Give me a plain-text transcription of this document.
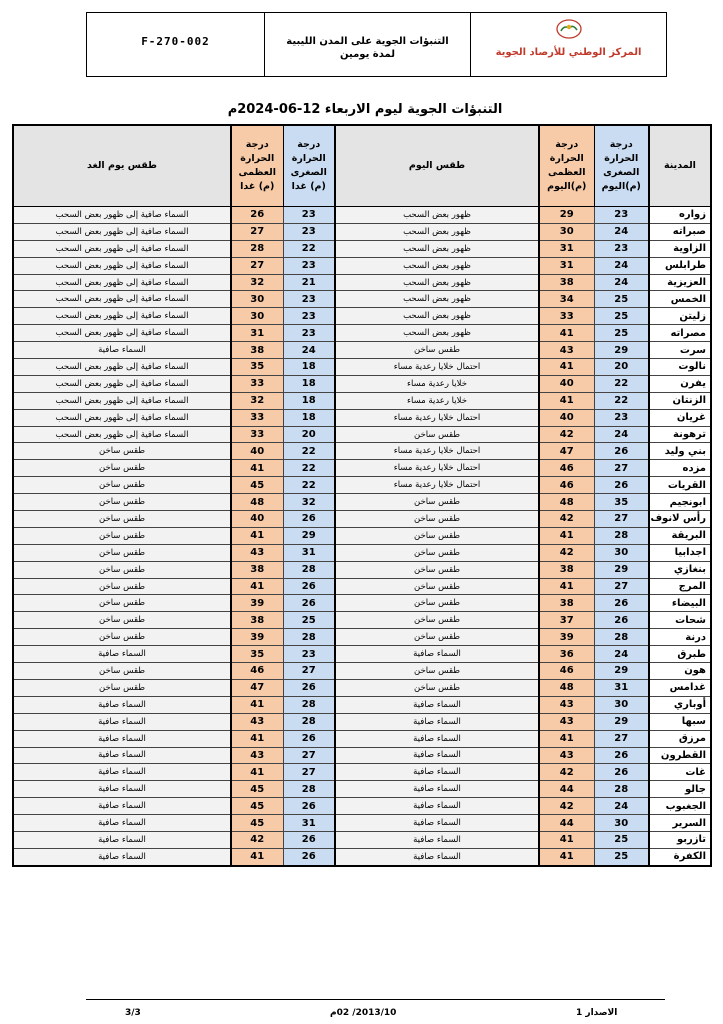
F-270-002	التنبؤات الجوية على المدن الليبية
لمدة يومين	المركز الوطني للأرصاد الجوية
التنبؤات الجوية ليوم الاربعاء 12-06-2024م
المدينة	درجة الحرارة الصغرى (م)اليوم	درجة الحرارة العظمى (م)اليوم	طقس اليوم	درجة الحرارة الصغرى (م) غدا	درجة الحرارة العظمى (م) غدا	طقس يوم الغد
زواره	23	29	ظهور بعض السحب	23	26	السماء صافية إلى ظهور بعض السحب
صبراته	24	30	ظهور بعض السحب	23	27	السماء صافية إلى ظهور بعض السحب
الزاوية	23	31	ظهور بعض السحب	22	28	السماء صافية إلى ظهور بعض السحب
طرابلس	24	31	ظهور بعض السحب	23	27	السماء صافية إلى ظهور بعض السحب
العزيزية	24	38	ظهور بعض السحب	21	32	السماء صافية إلى ظهور بعض السحب
الخمس	25	34	ظهور بعض السحب	23	30	السماء صافية إلى ظهور بعض السحب
زليتن	25	33	ظهور بعض السحب	23	30	السماء صافية إلى ظهور بعض السحب
مصراته	25	41	ظهور بعض السحب	23	31	السماء صافية إلى ظهور بعض السحب
سرت	29	43	طقس ساخن	24	38	السماء صافية
نالوت	20	41	احتمال خلايا رعدية مساء	18	35	السماء صافية إلى ظهور بعض السحب
يفرن	22	40	خلايا رعدية مساء	18	33	السماء صافية إلى ظهور بعض السحب
الزنتان	22	41	خلايا رعدية مساء	18	32	السماء صافية إلى ظهور بعض السحب
غريان	23	40	احتمال خلايا رعدية مساء	18	33	السماء صافية إلى ظهور بعض السحب
ترهونة	24	42	طقس ساخن	20	33	السماء صافية إلى ظهور بعض السحب
بني وليد	26	47	احتمال خلايا رعدية مساء	22	40	طقس ساخن
مزده	27	46	احتمال خلايا رعدية مساء	22	41	طقس ساخن
القريات	26	46	احتمال خلايا رعدية مساء	22	45	طقس ساخن
ابونجيم	35	48	طقس ساخن	32	48	طقس ساخن
رأس لانوف	27	42	طقس ساخن	26	40	طقس ساخن
البريقة	28	41	طقس ساخن	29	41	طقس ساخن
اجدابيا	30	42	طقس ساخن	31	43	طقس ساخن
بنغازي	29	38	طقس ساخن	28	38	طقس ساخن
المرج	27	41	طقس ساخن	26	41	طقس ساخن
البيضاء	26	38	طقس ساخن	26	39	طقس ساخن
شحات	26	37	طقس ساخن	25	38	طقس ساخن
درنة	28	39	طقس ساخن	28	39	طقس ساخن
طبرق	24	36	السماء صافية	23	35	السماء صافية
هون	29	46	طقس ساخن	27	46	طقس ساخن
غدامس	31	48	طقس ساخن	26	47	طقس ساخن
أوباري	30	43	السماء صافية	28	41	السماء صافية
سبها	29	43	السماء صافية	28	43	السماء صافية
مرزق	27	41	السماء صافية	26	41	السماء صافية
القطرون	26	43	السماء صافية	27	43	السماء صافية
غات	26	42	السماء صافية	27	41	السماء صافية
جالو	28	44	السماء صافية	28	45	السماء صافية
الجغبوب	24	42	السماء صافية	26	45	السماء صافية
السرير	30	44	السماء صافية	31	45	السماء صافية
تازربو	25	41	السماء صافية	26	42	السماء صافية
الكفرة	25	41	السماء صافية	26	41	السماء صافية
3/3	2013/10/ 02م	الاصدار 1
